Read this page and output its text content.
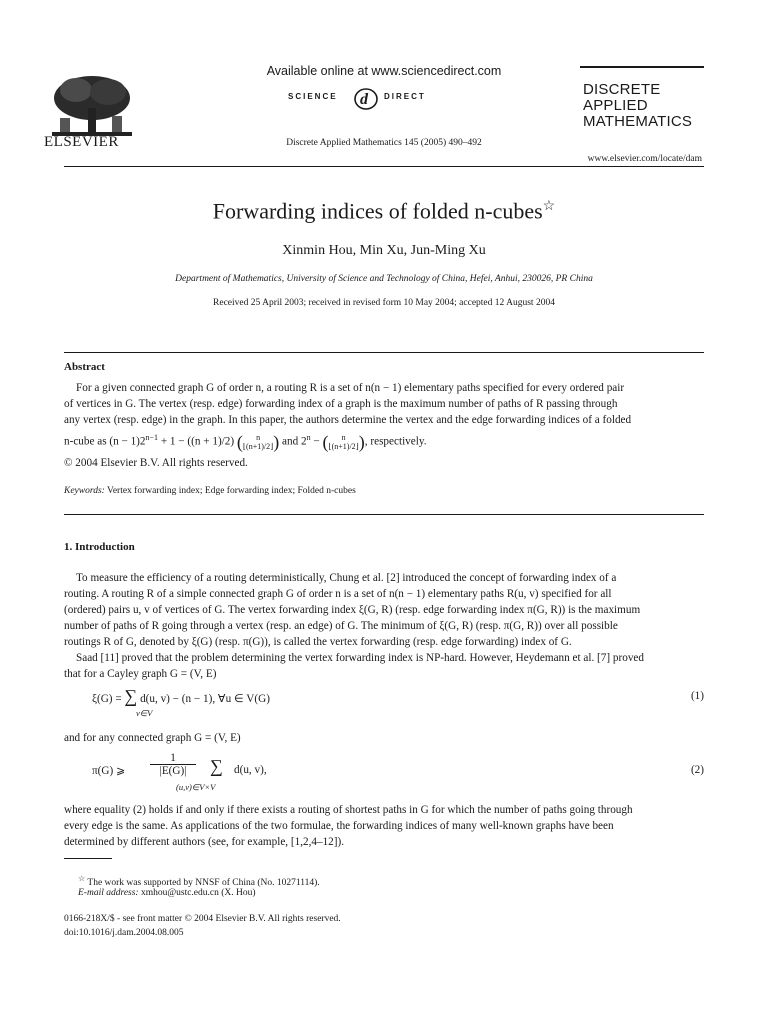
ELSEVIER
Available online at www.sciencedirect.com
SCIENCE d DIRECT
Discrete Applied Mathematics 145 (2005) 490–492
DISCRETE
APPLIED
MATHEMATICS
www.elsevier.com/locate/dam
Forwarding indices of folded n-cubes☆
Xinmin Hou, Min Xu, Jun-Ming Xu
Department of Mathematics, University of Science and Technology of China, Hefei, Anhui, 230026, PR China
Received 25 April 2003; received in revised form 10 May 2004; accepted 12 August 2004
Abstract
For a given connected graph G of order n, a routing R is a set of n(n − 1) elementary paths specified for every ordered pair
of vertices in G. The vertex (resp. edge) forwarding index of a graph is the maximum number of paths of R passing through
any vertex (resp. edge) in the graph. In this paper, the authors determine the vertex and the edge forwarding indices of a folded
n-cube as $(n - 1)2^{n-1} + 1 - ((n + 1)/2)$ ( n
⌊(n+1)/2⌋) and $2^n$ − ( n
⌊(n+1)/2⌋), respectively.
© 2004 Elsevier B.V. All rights reserved.
Keywords: Vertex forwarding index; Edge forwarding index; Folded n-cubes
1. Introduction
To measure the efficiency of a routing deterministically, Chung et al. [2] introduced the concept of forwarding index of a
routing. A routing R of a simple connected graph G of order n is a set of n(n − 1) elementary paths R(u, v) specified for all
(ordered) pairs u, v of vertices of G. The vertex forwarding index ξ(G, R) (resp. edge forwarding index π(G, R)) is the maximum
number of paths of R going through a vertex (resp. an edge) of G. The minimum of ξ(G, R) (resp. π(G, R)) over all possible
routings R of G, denoted by ξ(G) (resp. π(G)), is called the vertex forwarding (resp. edge forwarding) index of G.
Saad [11] proved that the problem determining the vertex forwarding index is NP-hard. However, Heydemann et al. [7] proved
that for a Cayley graph G = (V, E)
ξ(G) = ∑ d(u, v) − (n − 1), ∀u ∈ V(G)
v∈V
(1)
and for any connected graph G = (V, E)
π(G) ⩾
1
|E(G)|	∑
(u,v)∈V×V
d(u, v),	(2)
where equality (2) holds if and only if there exists a routing of shortest paths in G for which the number of paths going through
every edge is the same. As applications of the two formulae, the forwarding indices of many well-known graphs have been
determined by different authors (see, for example, [1,2,4–12]).
☆ The work was supported by NNSF of China (No. 10271114).
E-mail address: xmhou@ustc.edu.cn (X. Hou)
0166-218X/$ - see front matter © 2004 Elsevier B.V. All rights reserved.
doi:10.1016/j.dam.2004.08.005
